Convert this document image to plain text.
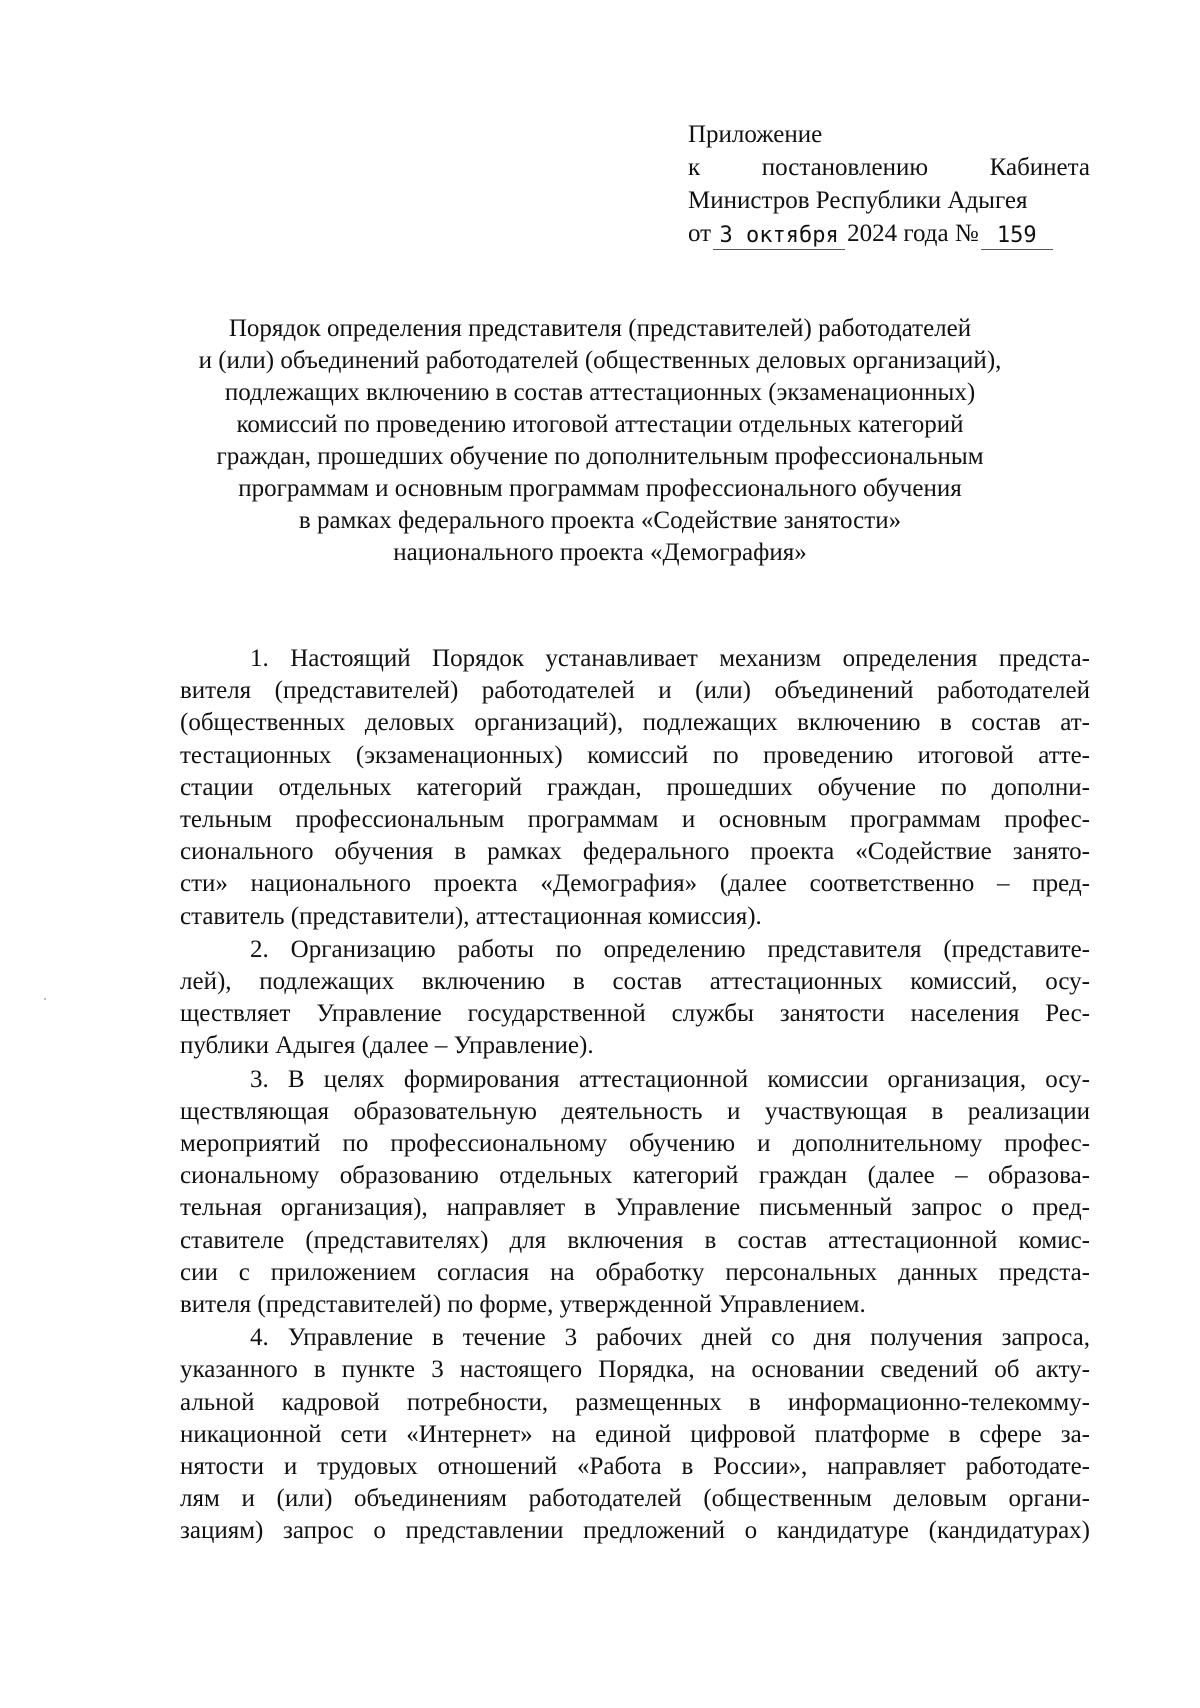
Приложение
к постановлению Кабинета
Министров Республики Адыгея
от 3 октября 2024 года № 159
Порядок определения представителя (представителей) работодателей
и (или) объединений работодателей (общественных деловых организаций),
подлежащих включению в состав аттестационных (экзаменационных)
комиссий по проведению итоговой аттестации отдельных категорий
граждан, прошедших обучение по дополнительным профессиональным
программам и основным программам профессионального обучения
в рамках федерального проекта «Содействие занятости»
национального проекта «Демография»
1. Настоящий Порядок устанавливает механизм определения предста-
вителя (представителей) работодателей и (или) объединений работодателей
(общественных деловых организаций), подлежащих включению в состав ат-
тестационных (экзаменационных) комиссий по проведению итоговой атте-
стации отдельных категорий граждан, прошедших обучение по дополни-
тельным профессиональным программам и основным программам профес-
сионального обучения в рамках федерального проекта «Содействие занято-
сти» национального проекта «Демография» (далее соответственно – пред-
ставитель (представители), аттестационная комиссия).
2. Организацию работы по определению представителя (представите-
лей), подлежащих включению в состав аттестационных комиссий, осу-
ществляет Управление государственной службы занятости населения Рес-
публики Адыгея (далее – Управление).
3. В целях формирования аттестационной комиссии организация, осу-
ществляющая образовательную деятельность и участвующая в реализации
мероприятий по профессиональному обучению и дополнительному профес-
сиональному образованию отдельных категорий граждан (далее – образова-
тельная организация), направляет в Управление письменный запрос о пред-
ставителе (представителях) для включения в состав аттестационной комис-
сии с приложением согласия на обработку персональных данных предста-
вителя (представителей) по форме, утвержденной Управлением.
4. Управление в течение 3 рабочих дней со дня получения запроса,
указанного в пункте 3 настоящего Порядка, на основании сведений об акту-
альной кадровой потребности, размещенных в информационно-телекомму-
никационной сети «Интернет» на единой цифровой платформе в сфере за-
нятости и трудовых отношений «Работа в России», направляет работодате-
лям и (или) объединениям работодателей (общественным деловым органи-
зациям) запрос о представлении предложений о кандидатуре (кандидатурах)
